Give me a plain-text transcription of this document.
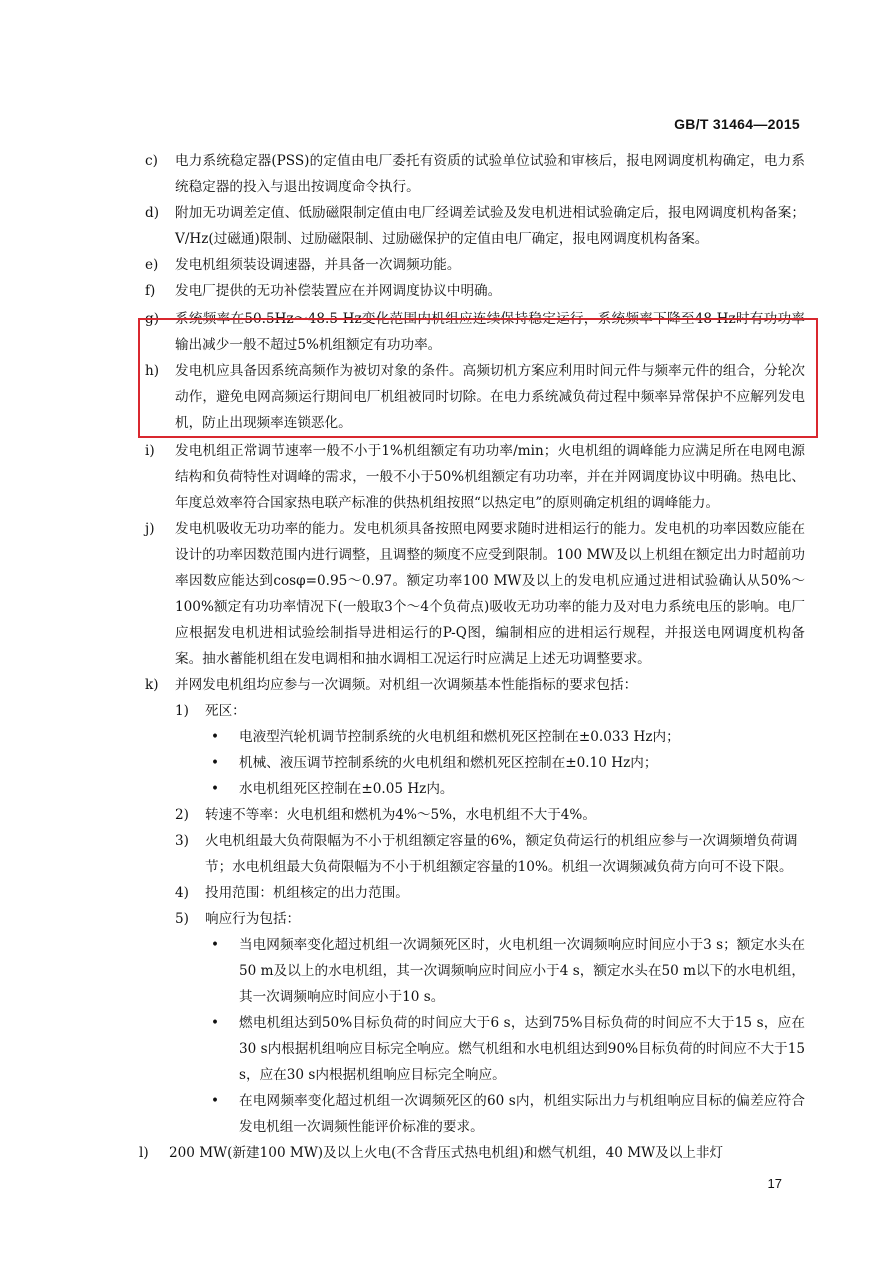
GB/T 31464—2015
c) 电力系统稳定器(PSS)的定值由电厂委托有资质的试验单位试验和审核后，报电网调度机构确定，电力系统稳定器的投入与退出按调度命令执行。
d) 附加无功调差定值、低励磁限制定值由电厂经调差试验及发电机进相试验确定后，报电网调度机构备案；V/Hz(过磁通)限制、过励磁限制、过励磁保护的定值由电厂确定，报电网调度机构备案。
e) 发电机组须装设调速器，并具备一次调频功能。
f) 发电厂提供的无功补偿装置应在并网调度协议中明确。
g) 系统频率在50.5Hz～48.5 Hz变化范围内机组应连续保持稳定运行，系统频率下降至48 Hz时有功功率输出减少一般不超过5%机组额定有功功率。
h) 发电机应具备因系统高频作为被切对象的条件。高频切机方案应利用时间元件与频率元件的组合，分轮次动作，避免电网高频运行期间电厂机组被同时切除。在电力系统减负荷过程中频率异常保护不应解列发电机，防止出现频率连锁恶化。
i) 发电机组正常调节速率一般不小于1%机组额定有功功率/min；火电机组的调峰能力应满足所在电网电源结构和负荷特性对调峰的需求，一般不小于50%机组额定有功功率，并在并网调度协议中明确。热电比、年度总效率符合国家热电联产标准的供热机组按照“以热定电”的原则确定机组的调峰能力。
j) 发电机吸收无功功率的能力。发电机须具备按照电网要求随时进相运行的能力。发电机的功率因数应能在设计的功率因数范围内进行调整，且调整的频度不应受到限制。100 MW及以上机组在额定出力时超前功率因数应能达到cosφ=0.95～0.97。额定功率100 MW及以上的发电机应通过进相试验确认从50%～100%额定有功功率情况下(一般取3个～4个负荷点)吸收无功功率的能力及对电力系统电压的影响。电厂应根据发电机进相试验绘制指导进相运行的P-Q图，编制相应的进相运行规程，并报送电网调度机构备案。抽水蓄能机组在发电调相和抽水调相工况运行时应满足上述无功调整要求。
k) 并网发电机组均应参与一次调频。对机组一次调频基本性能指标的要求包括：
1) 死区：
• 电液型汽轮机调节控制系统的火电机组和燃机死区控制在±0.033 Hz内；
• 机械、液压调节控制系统的火电机组和燃机死区控制在±0.10 Hz内；
• 水电机组死区控制在±0.05 Hz内。
2) 转速不等率：火电机组和燃机为4%～5%，水电机组不大于4%。
3) 火电机组最大负荷限幅为不小于机组额定容量的6%，额定负荷运行的机组应参与一次调频增负荷调节；水电机组最大负荷限幅为不小于机组额定容量的10%。机组一次调频减负荷方向可不设下限。
4) 投用范围：机组核定的出力范围。
5) 响应行为包括：
• 当电网频率变化超过机组一次调频死区时，火电机组一次调频响应时间应小于3 s；额定水头在50 m及以上的水电机组，其一次调频响应时间应小于4 s，额定水头在50 m以下的水电机组，其一次调频响应时间应小于10 s。
• 燃电机组达到50%目标负荷的时间应大于6 s，达到75%目标负荷的时间应不大于15 s，应在30 s内根据机组响应目标完全响应。燃气机组和水电机组达到90%目标负荷的时间应不大于15 s，应在30 s内根据机组响应目标完全响应。
• 在电网频率变化超过机组一次调频死区的60 s内，机组实际出力与机组响应目标的偏差应符合发电机组一次调频性能评价标准的要求。
l) 200 MW(新建100 MW)及以上火电(不含背压式热电机组)和燃气机组，40 MW及以上非灯
17
